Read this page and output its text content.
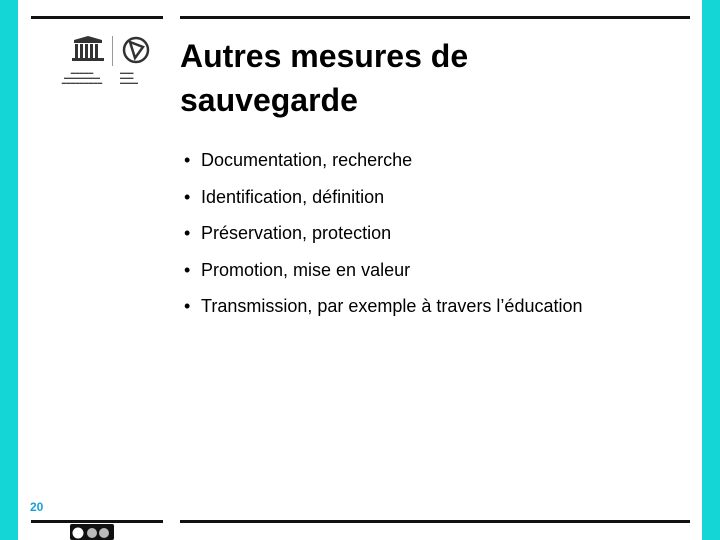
▬▬▬▬▬
▬▬▬▬▬▬▬▬
▬▬▬▬▬▬▬▬▬
▬▬▬
▬▬▬
▬▬▬▬
Autres mesures de
sauvegarde
• Documentation, recherche
• Identification, définition
• Préservation, protection
• Promotion, mise en valeur
• Transmission, par exemple à travers l’éducation
20
